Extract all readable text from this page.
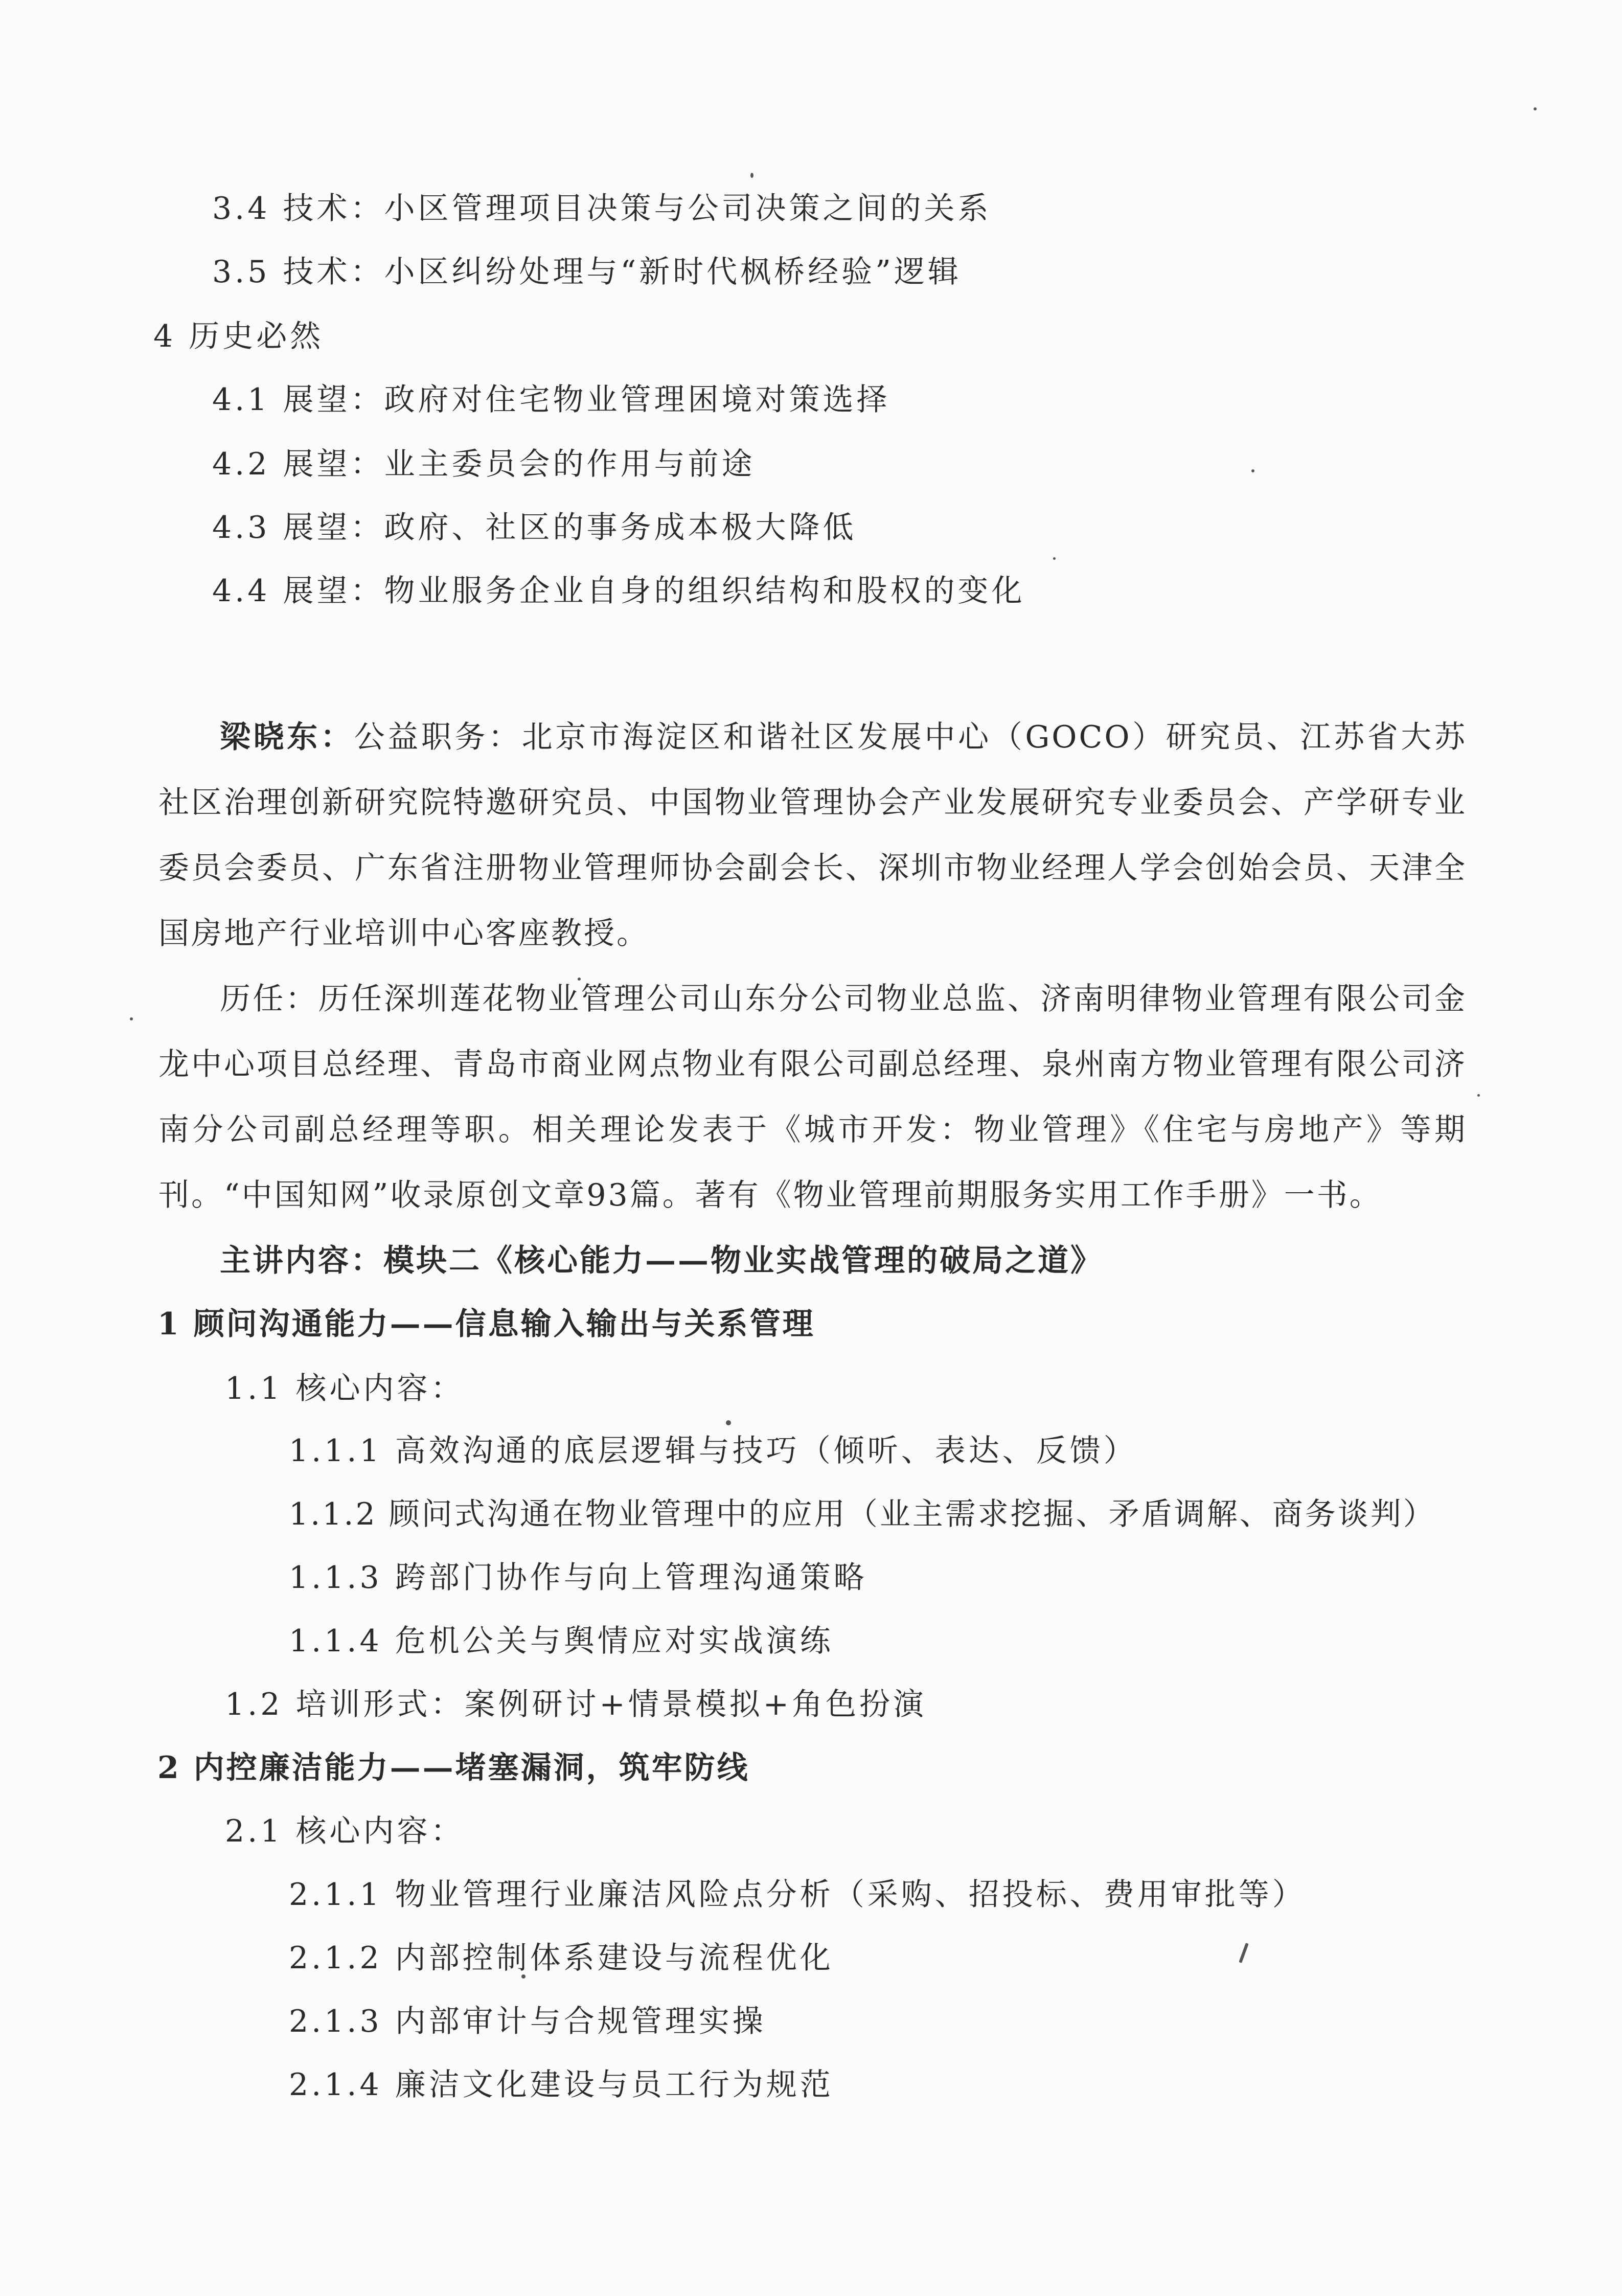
3.4 技术：小区管理项目决策与公司决策之间的关系
3.5 技术：小区纠纷处理与“新时代枫桥经验”逻辑
4 历史必然
4.1 展望：政府对住宅物业管理困境对策选择
4.2 展望：业主委员会的作用与前途
4.3 展望：政府、社区的事务成本极大降低
4.4 展望：物业服务企业自身的组织结构和股权的变化
梁晓东：公益职务：北京市海淀区和谐社区发展中心（GOCO）研究员、江苏省大苏社区治理创新研究院特邀研究员、中国物业管理协会产业发展研究专业委员会、产学研专业委员会委员、广东省注册物业管理师协会副会长、深圳市物业经理人学会创始会员、天津全国房地产行业培训中心客座教授。
历任：历任深圳莲花物业管理公司山东分公司物业总监、济南明律物业管理有限公司金龙中心项目总经理、青岛市商业网点物业有限公司副总经理、泉州南方物业管理有限公司济南分公司副总经理等职。相关理论发表于《城市开发：物业管理》《住宅与房地产》等期刊。“中国知网”收录原创文章93篇。著有《物业管理前期服务实用工作手册》一书。
主讲内容：模块二《核心能力——物业实战管理的破局之道》
1 顾问沟通能力——信息输入输出与关系管理
1.1 核心内容：
1.1.1 高效沟通的底层逻辑与技巧（倾听、表达、反馈）
1.1.2 顾问式沟通在物业管理中的应用（业主需求挖掘、矛盾调解、商务谈判）
1.1.3 跨部门协作与向上管理沟通策略
1.1.4 危机公关与舆情应对实战演练
1.2 培训形式：案例研讨+情景模拟+角色扮演
2 内控廉洁能力——堵塞漏洞，筑牢防线
2.1 核心内容：
2.1.1 物业管理行业廉洁风险点分析（采购、招投标、费用审批等）
2.1.2 内部控制体系建设与流程优化
2.1.3 内部审计与合规管理实操
2.1.4 廉洁文化建设与员工行为规范
